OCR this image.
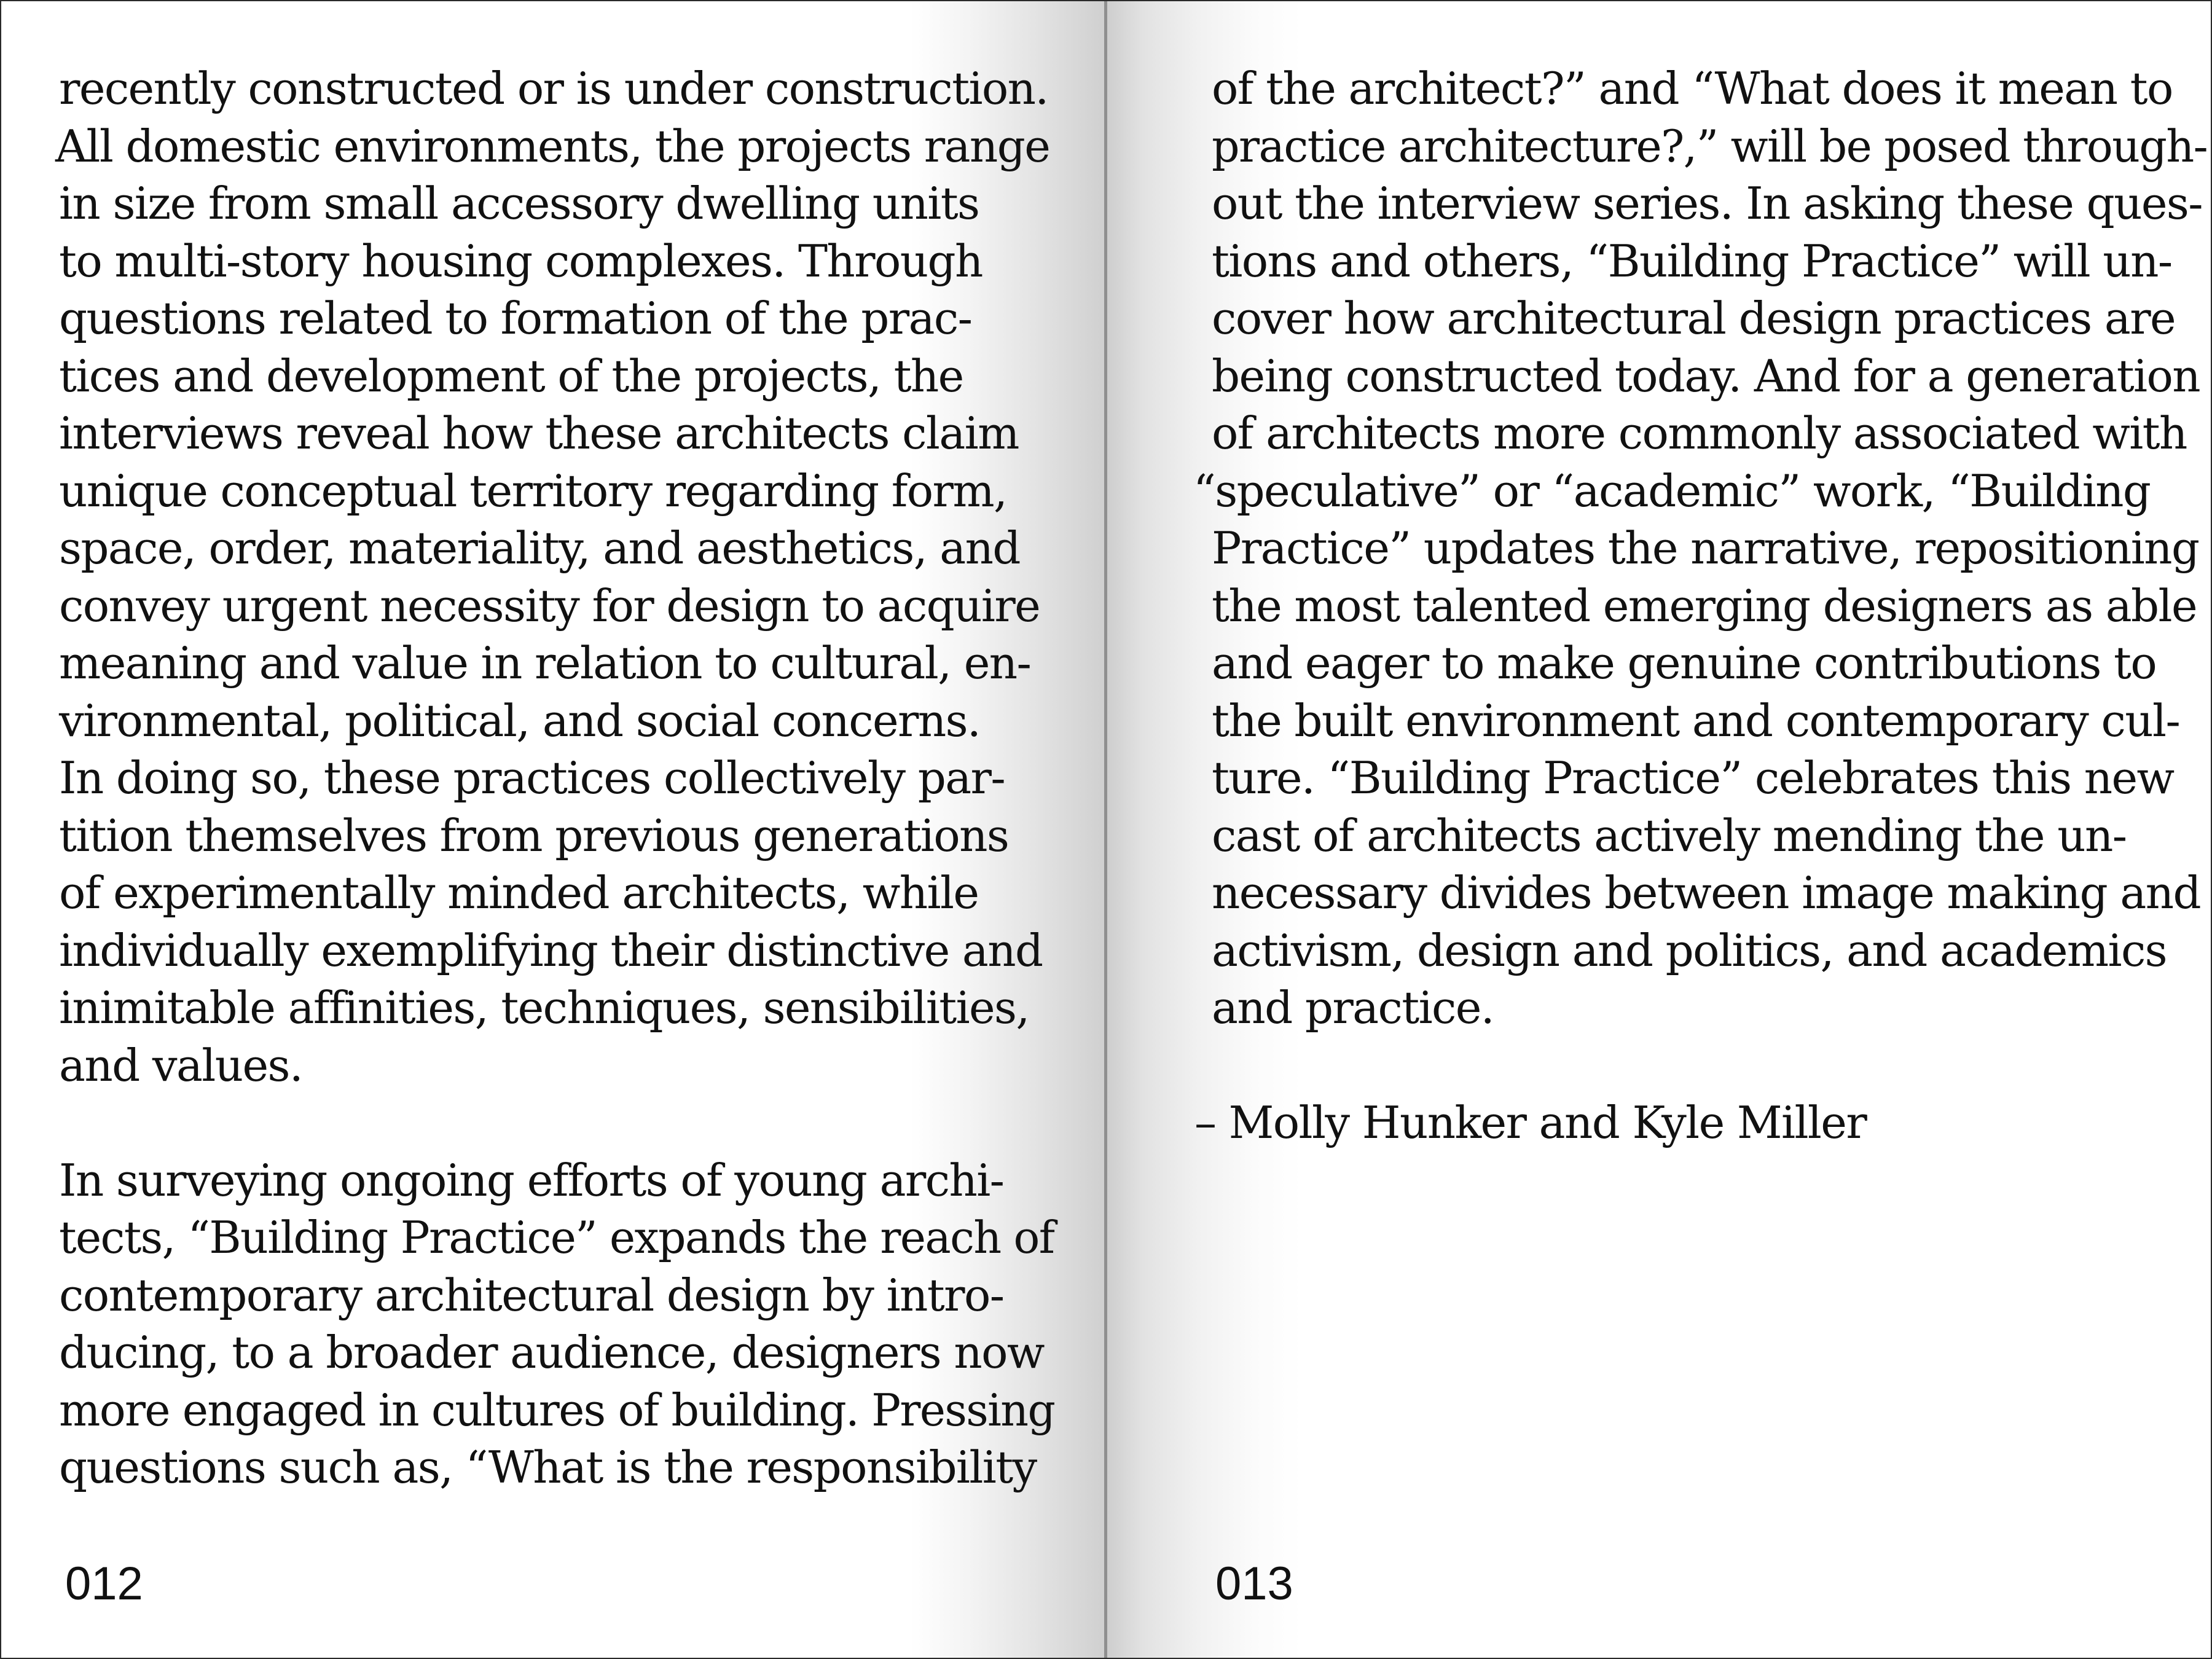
recently constructed or is under construction.
All domestic environments, the projects range
in size from small accessory dwelling units
to multi-story housing complexes. Through
questions related to formation of the prac-
tices and development of the projects, the
interviews reveal how these architects claim
unique conceptual territory regarding form,
space, order, materiality, and aesthetics, and
convey urgent necessity for design to acquire
meaning and value in relation to cultural, en-
vironmental, political, and social concerns.
In doing so, these practices collectively par-
tition themselves from previous generations
of experimentally minded architects, while
individually exemplifying their distinctive and
inimitable affinities, techniques, sensibilities,
and values.
In surveying ongoing efforts of young archi-
tects, “Building Practice” expands the reach of
contemporary architectural design by intro-
ducing, to a broader audience, designers now
more engaged in cultures of building. Pressing
questions such as, “What is the responsibility
012
of the architect?” and “What does it mean to
practice architecture?,” will be posed through-
out the interview series. In asking these ques-
tions and others, “Building Practice” will un-
cover how architectural design practices are
being constructed today. And for a generation
of architects more commonly associated with
“speculative” or “academic” work, “Building
Practice” updates the narrative, repositioning
the most talented emerging designers as able
and eager to make genuine contributions to
the built environment and contemporary cul-
ture. “Building Practice” celebrates this new
cast of architects actively mending the un-
necessary divides between image making and
activism, design and politics, and academics
and practice.
– Molly Hunker and Kyle Miller
013
